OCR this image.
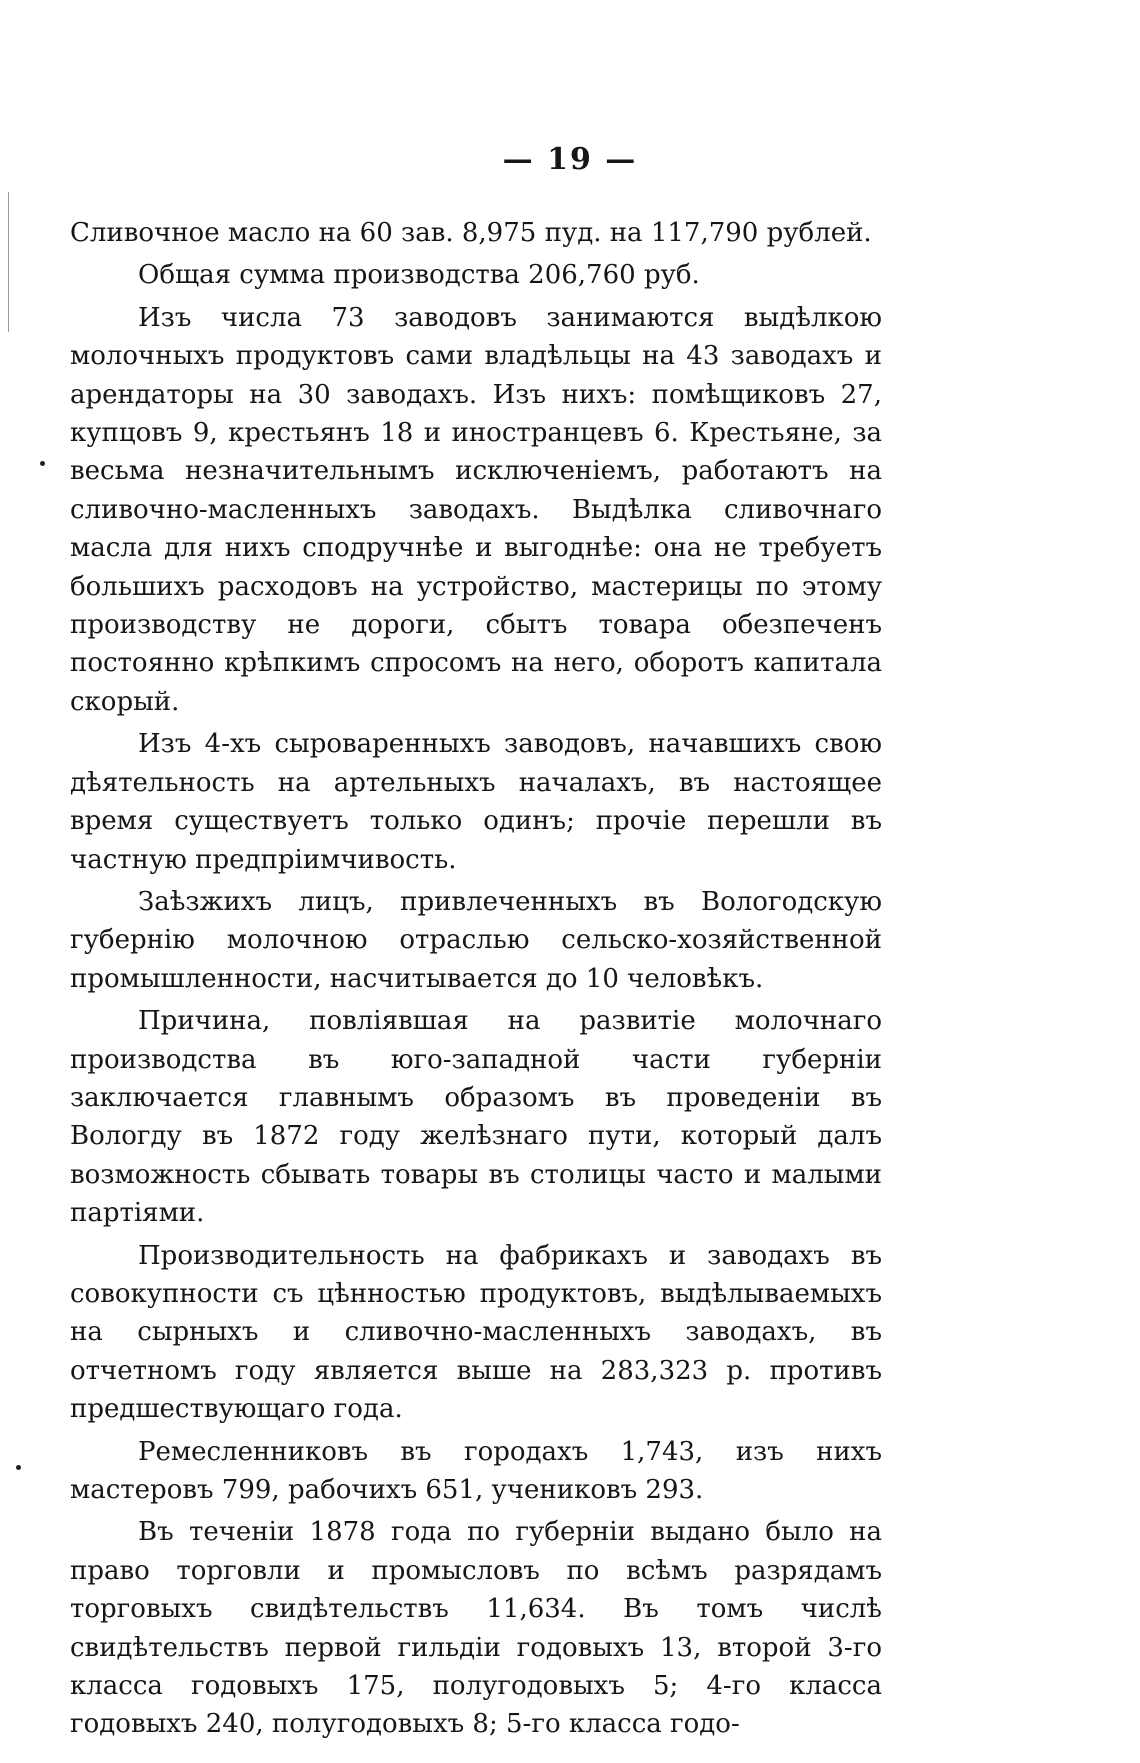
— 19 —

Сливочное масло на 60 зав. 8,975 пуд. на 117,790 рублей.

Общая сумма производства 206,760 руб.

Изъ числа 73 заводовъ занимаются выдѣлкою молочныхъ продуктовъ сами владѣльцы на 43 заводахъ и арендаторы на 30 заводахъ. Изъ нихъ: помѣщиковъ 27, купцовъ 9, крестьянъ 18 и иностранцевъ 6. Крестьяне, за весьма незначительнымъ исключеніемъ, работаютъ на сливочно-масленныхъ заводахъ. Выдѣлка сливочнаго масла для нихъ сподручнѣе и выгоднѣе: она не требуетъ большихъ расходовъ на устройство, мастерицы по этому производству не дороги, сбытъ товара обезпеченъ постоянно крѣпкимъ спросомъ на него, оборотъ капитала скорый.

Изъ 4-хъ сыроваренныхъ заводовъ, начавшихъ свою дѣятельность на артельныхъ началахъ, въ настоящее время существуетъ только одинъ; прочіе перешли въ частную предпріимчивость.

Заѣзжихъ лицъ, привлеченныхъ въ Вологодскую губернію молочною отраслью сельско-хозяйственной промышленности, насчитывается до 10 человѣкъ.

Причина, повліявшая на развитіе молочнаго производства въ юго-западной части губерніи заключается главнымъ образомъ въ проведеніи въ Вологду въ 1872 году желѣзнаго пути, который далъ возможность сбывать товары въ столицы часто и малыми партіями.

Производительность на фабрикахъ и заводахъ въ совокупности съ цѣнностью продуктовъ, выдѣлываемыхъ на сырныхъ и сливочно-масленныхъ заводахъ, въ отчетномъ году является выше на 283,323 р. противъ предшествующаго года.

Ремесленниковъ въ городахъ 1,743, изъ нихъ мастеровъ 799, рабочихъ 651, учениковъ 293.

Въ теченіи 1878 года по губерніи выдано было на право торговли и промысловъ по всѣмъ разрядамъ торговыхъ свидѣтельствъ 11,634. Въ томъ числѣ свидѣтельствъ первой гильдіи годовыхъ 13, второй 3-го класса годовыхъ 175, полугодовыхъ 5; 4-го класса годовыхъ 240, полугодовыхъ 8; 5-го класса годо-
